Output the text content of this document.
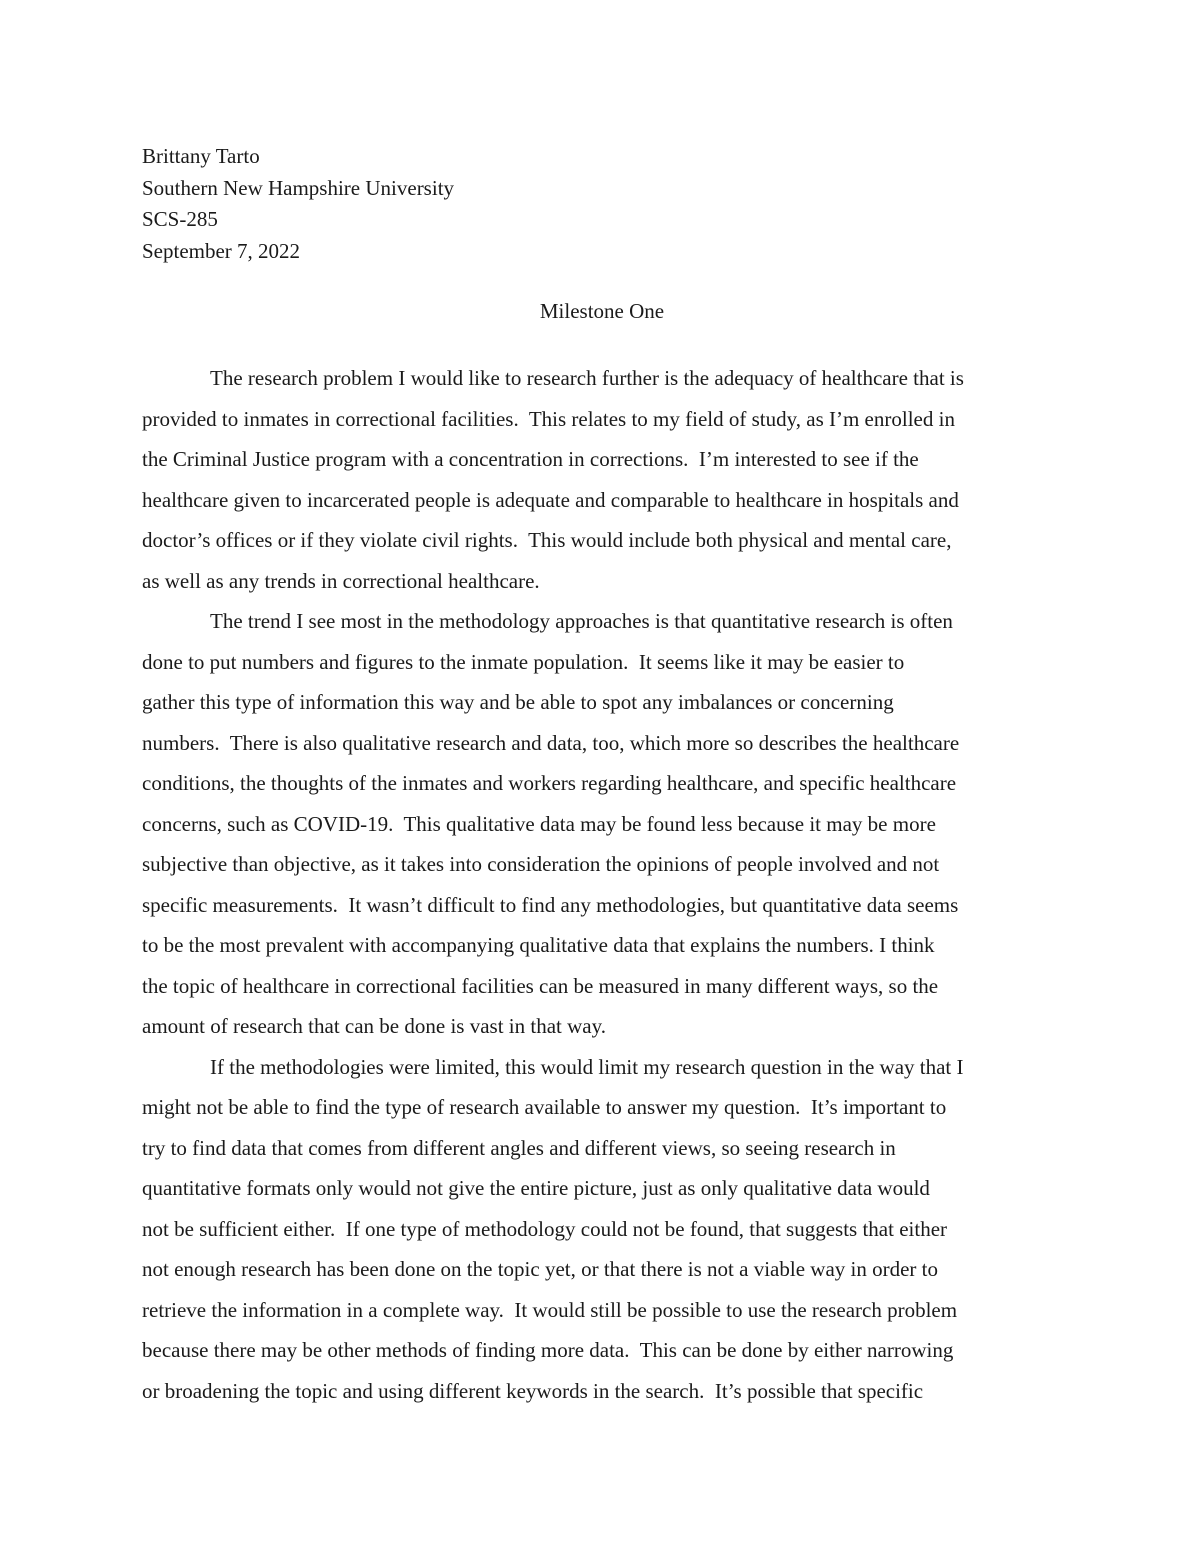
Brittany Tarto
Southern New Hampshire University
SCS-285
September 7, 2022
Milestone One
The research problem I would like to research further is the adequacy of healthcare that is
provided to inmates in correctional facilities.  This relates to my field of study, as I’m enrolled in
the Criminal Justice program with a concentration in corrections.  I’m interested to see if the
healthcare given to incarcerated people is adequate and comparable to healthcare in hospitals and
doctor’s offices or if they violate civil rights.  This would include both physical and mental care,
as well as any trends in correctional healthcare.
The trend I see most in the methodology approaches is that quantitative research is often
done to put numbers and figures to the inmate population.  It seems like it may be easier to
gather this type of information this way and be able to spot any imbalances or concerning
numbers.  There is also qualitative research and data, too, which more so describes the healthcare
conditions, the thoughts of the inmates and workers regarding healthcare, and specific healthcare
concerns, such as COVID-19.  This qualitative data may be found less because it may be more
subjective than objective, as it takes into consideration the opinions of people involved and not
specific measurements.  It wasn’t difficult to find any methodologies, but quantitative data seems
to be the most prevalent with accompanying qualitative data that explains the numbers. I think
the topic of healthcare in correctional facilities can be measured in many different ways, so the
amount of research that can be done is vast in that way.
If the methodologies were limited, this would limit my research question in the way that I
might not be able to find the type of research available to answer my question.  It’s important to
try to find data that comes from different angles and different views, so seeing research in
quantitative formats only would not give the entire picture, just as only qualitative data would
not be sufficient either.  If one type of methodology could not be found, that suggests that either
not enough research has been done on the topic yet, or that there is not a viable way in order to
retrieve the information in a complete way.  It would still be possible to use the research problem
because there may be other methods of finding more data.  This can be done by either narrowing
or broadening the topic and using different keywords in the search.  It’s possible that specific
